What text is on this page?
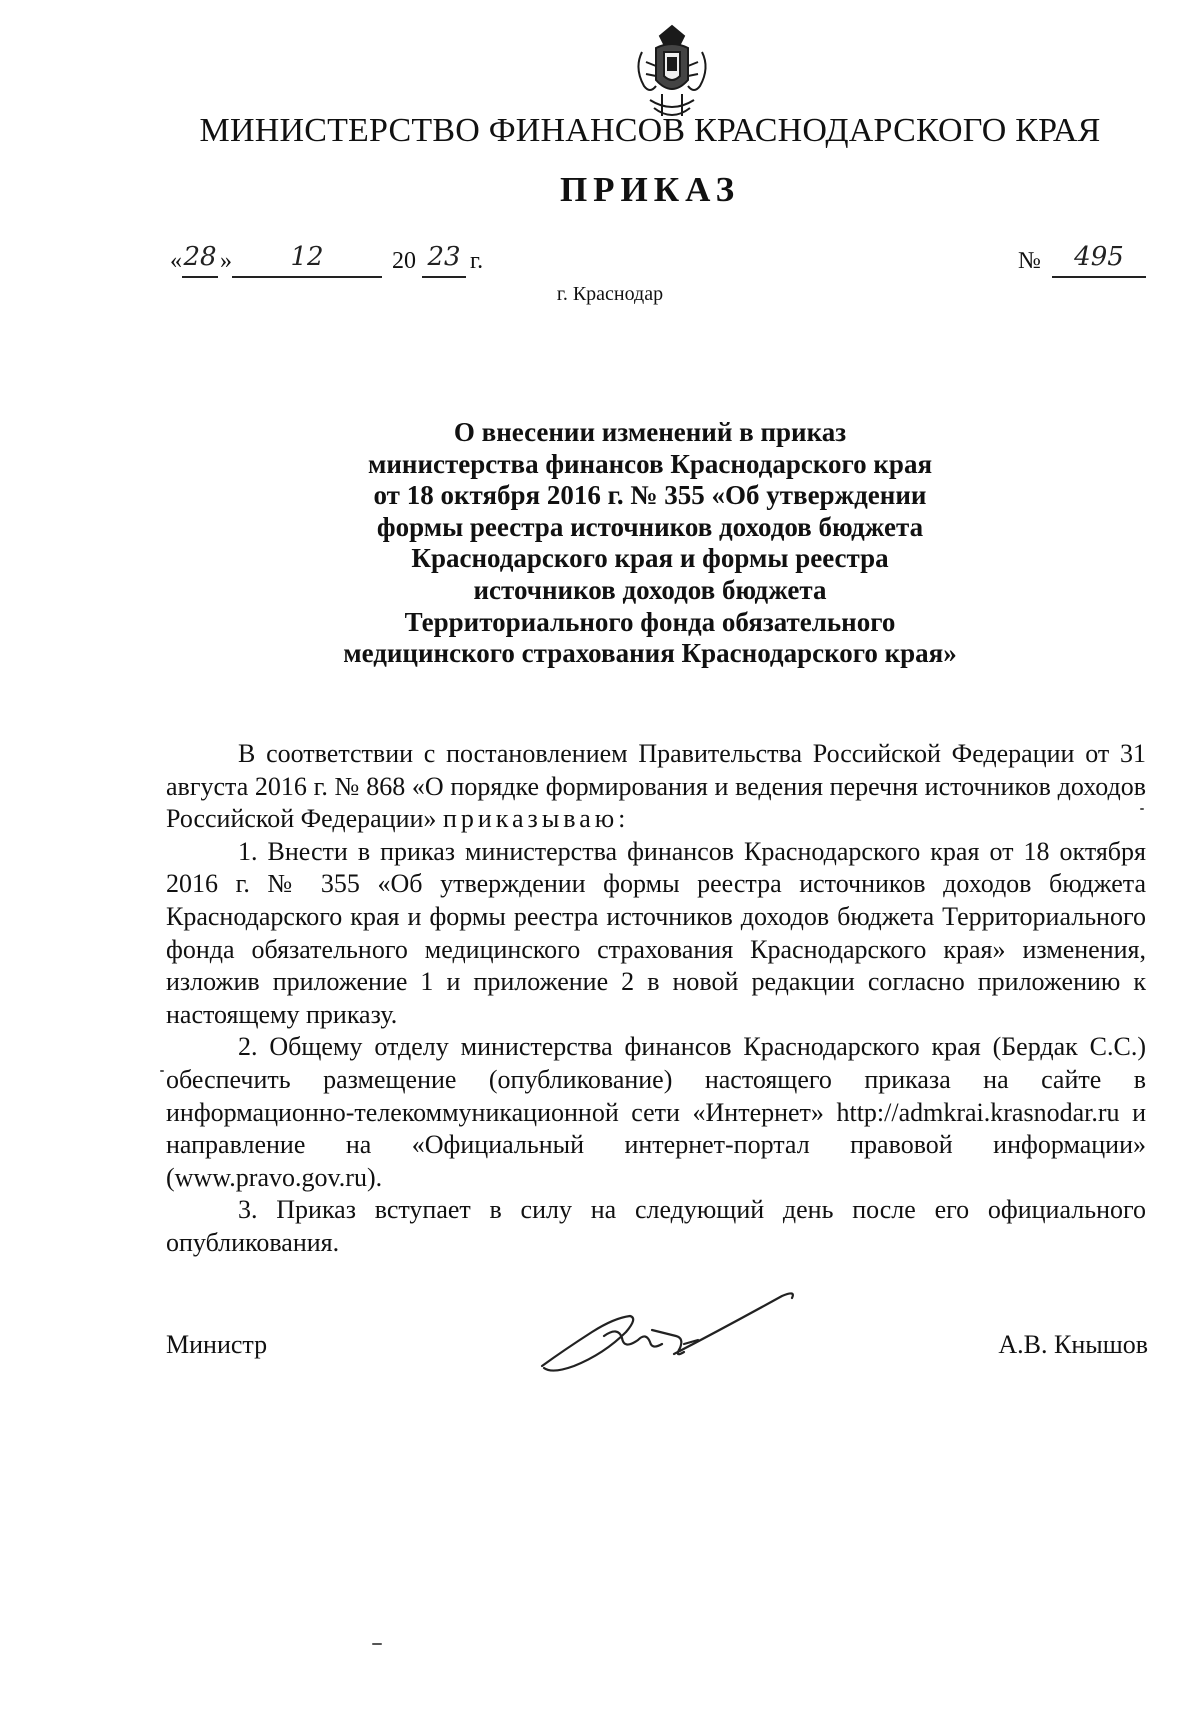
МИНИСТЕРСТВО ФИНАНСОВ КРАСНОДАРСКОГО КРАЯ
ПРИКАЗ
« 28 »	12	20 23 г.	№	495
г. Краснодар
О внесении изменений в приказ
министерства финансов Краснодарского края
от 18 октября 2016 г. № 355 «Об утверждении
формы реестра источников доходов бюджета
Краснодарского края и формы реестра
источников доходов бюджета
Территориального фонда обязательного
медицинского страхования Краснодарского края»

В соответствии с постановлением Правительства Российской Федерации от 31 августа 2016 г. № 868 «О порядке формирования и ведения перечня источников доходов Российской Федерации» приказываю:

1. Внести в приказ министерства финансов Краснодарского края от 18 октября 2016 г. № 355 «Об утверждении формы реестра источников доходов бюджета Краснодарского края и формы реестра источников доходов бюджета Территориального фонда обязательного медицинского страхования Краснодарского края» изменения, изложив приложение 1 и приложение 2 в новой редакции согласно приложению к настоящему приказу.

2. Общему отделу министерства финансов Краснодарского края (Бердак С.С.) обеспечить размещение (опубликование) настоящего приказа на сайте в информационно-телекоммуникационной сети «Интернет» http://admkrai.krasnodar.ru и направление на «Официальный интернет-портал правовой информации» (www.pravo.gov.ru).

3. Приказ вступает в силу на следующий день после его официального опубликования.

Министр	А.В. Кнышов
